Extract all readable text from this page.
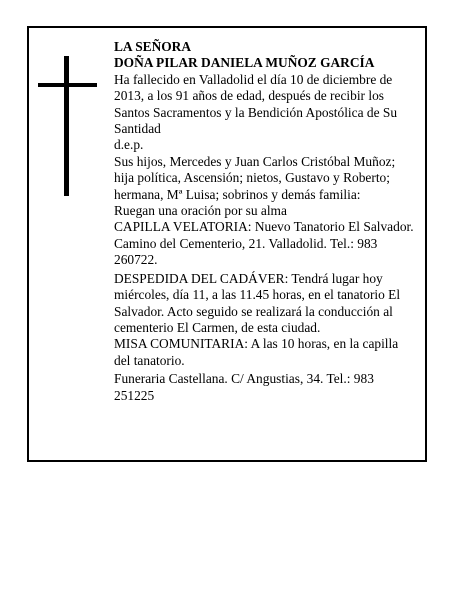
LA SEÑORA

DOÑA PILAR DANIELA MUÑOZ GARCÍA

Ha fallecido en Valladolid el día 10 de diciembre de 2013, a los 91 años de edad, después de recibir los Santos Sacramentos y la Bendición Apostólica de Su Santidad

d.e.p.

Sus hijos, Mercedes y Juan Carlos Cristóbal Muñoz; hija política, Ascensión; nietos, Gustavo y Roberto; hermana, Mª Luisa; sobrinos y demás familia:

Ruegan una oración por su alma

CAPILLA VELATORIA: Nuevo Tanatorio El Salvador. Camino del Cementerio, 21. Valladolid. Tel.: 983 260722.

DESPEDIDA DEL CADÁVER: Tendrá lugar hoy miércoles, día 11, a las 11.45 horas, en el tanatorio El Salvador. Acto seguido se realizará la conducción al cementerio El Carmen, de esta ciudad.

MISA COMUNITARIA: A las 10 horas, en la capilla del tanatorio.

Funeraria Castellana. C/ Angustias, 34. Tel.: 983 251225
